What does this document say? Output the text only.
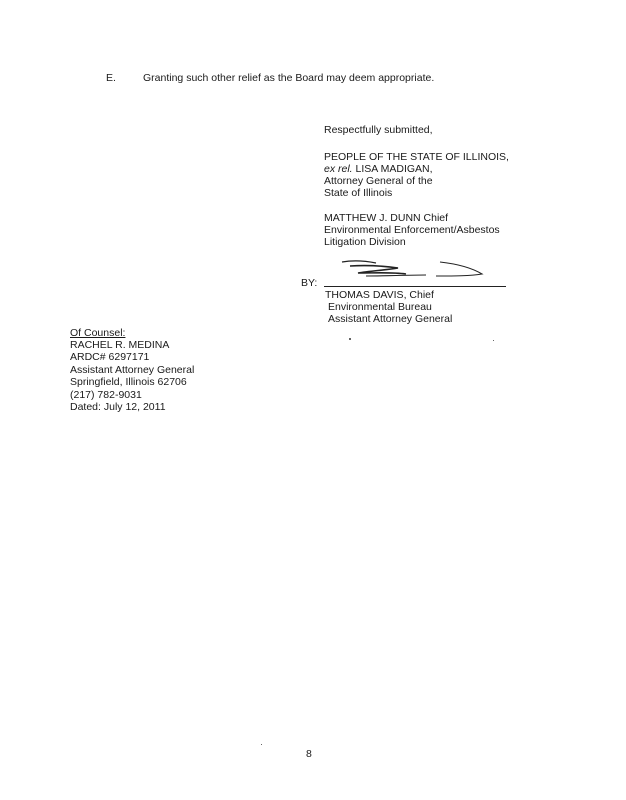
E.	Granting such other relief as the Board may deem appropriate.
Respectfully submitted,
PEOPLE OF THE STATE OF ILLINOIS,
ex rel. LISA MADIGAN,
Attorney General of the
State of Illinois
MATTHEW J. DUNN Chief
Environmental Enforcement/Asbestos
Litigation Division
BY:
THOMAS DAVIS, Chief
Environmental Bureau
Assistant Attorney General
Of Counsel:
RACHEL R. MEDINA
ARDC# 6297171
Assistant Attorney General
Springfield, Illinois 62706
(217) 782-9031
Dated: July 12, 2011
8
